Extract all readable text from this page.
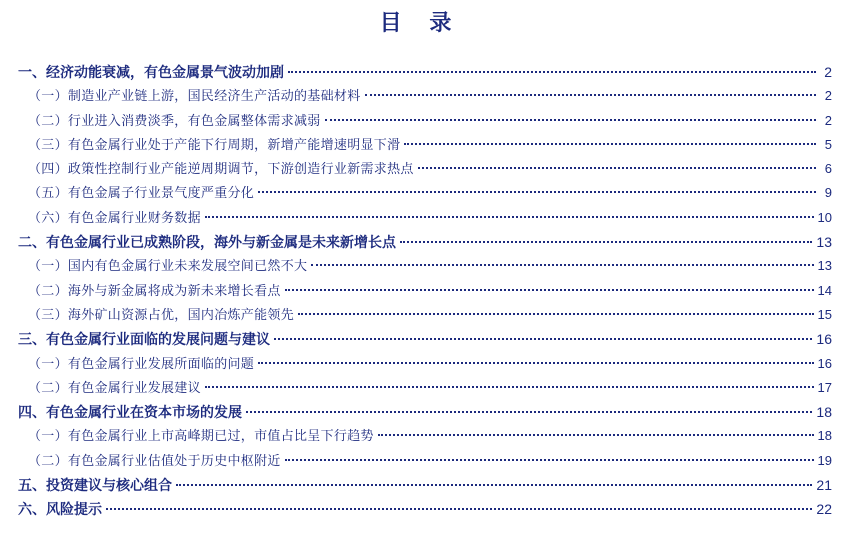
目 录
一、经济动能衰减，有色金属景气波动加剧	2
（一）制造业产业链上游，国民经济生产活动的基础材料	2
（二）行业进入消费淡季，有色金属整体需求减弱	2
（三）有色金属行业处于产能下行周期，新增产能增速明显下滑	5
（四）政策性控制行业产能逆周期调节，下游创造行业新需求热点	6
（五）有色金属子行业景气度严重分化	9
（六）有色金属行业财务数据	10
二、有色金属行业已成熟阶段，海外与新金属是未来新增长点	13
（一）国内有色金属行业未来发展空间已然不大	13
（二）海外与新金属将成为新未来增长看点	14
（三）海外矿山资源占优，国内冶炼产能领先	15
三、有色金属行业面临的发展问题与建议	16
（一）有色金属行业发展所面临的问题	16
（二）有色金属行业发展建议	17
四、有色金属行业在资本市场的发展	18
（一）有色金属行业上市高峰期已过，市值占比呈下行趋势	18
（二）有色金属行业估值处于历史中枢附近	19
五、投资建议与核心组合	21
六、风险提示	22
